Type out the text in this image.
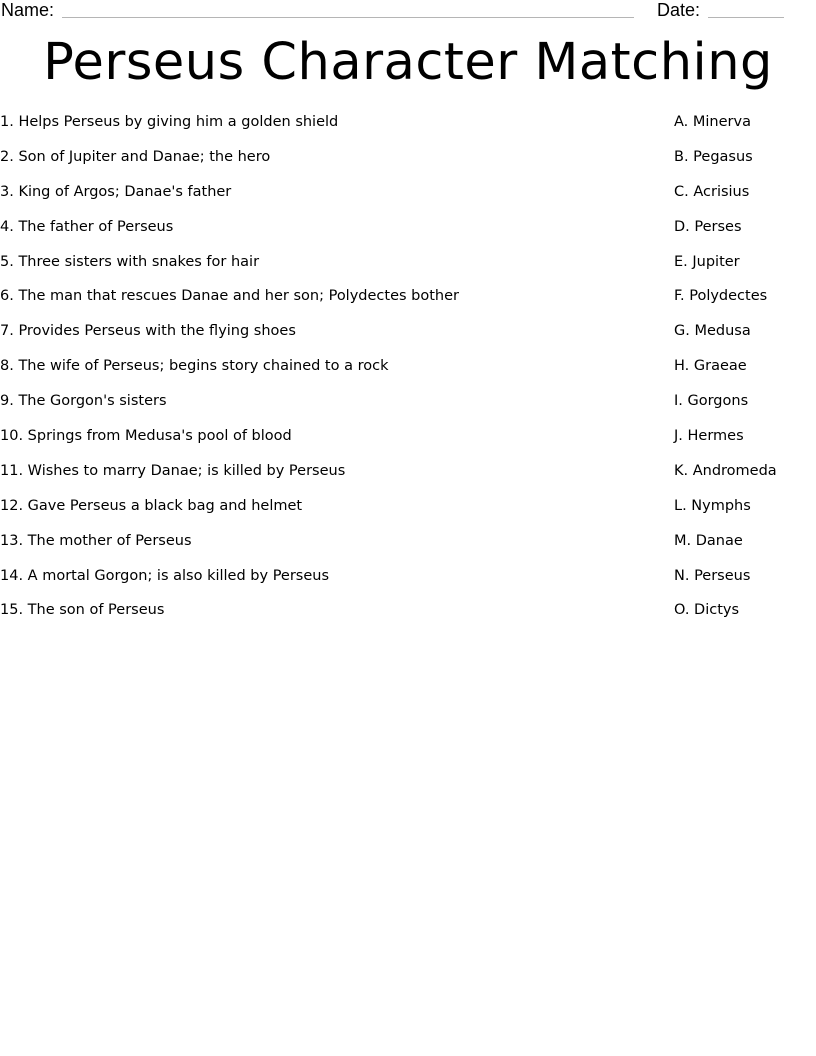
Name:	Date:
Perseus Character Matching
1. Helps Perseus by giving him a golden shield
2. Son of Jupiter and Danae; the hero
3. King of Argos; Danae's father
4. The father of Perseus
5. Three sisters with snakes for hair
6. The man that rescues Danae and her son; Polydectes bother
7. Provides Perseus with the flying shoes
8. The wife of Perseus; begins story chained to a rock
9. The Gorgon's sisters
10. Springs from Medusa's pool of blood
11. Wishes to marry Danae; is killed by Perseus
12. Gave Perseus a black bag and helmet
13. The mother of Perseus
14. A mortal Gorgon; is also killed by Perseus
15. The son of Perseus
A. Minerva
B. Pegasus
C. Acrisius
D. Perses
E. Jupiter
F. Polydectes
G. Medusa
H. Graeae
I. Gorgons
J. Hermes
K. Andromeda
L. Nymphs
M. Danae
N. Perseus
O. Dictys
